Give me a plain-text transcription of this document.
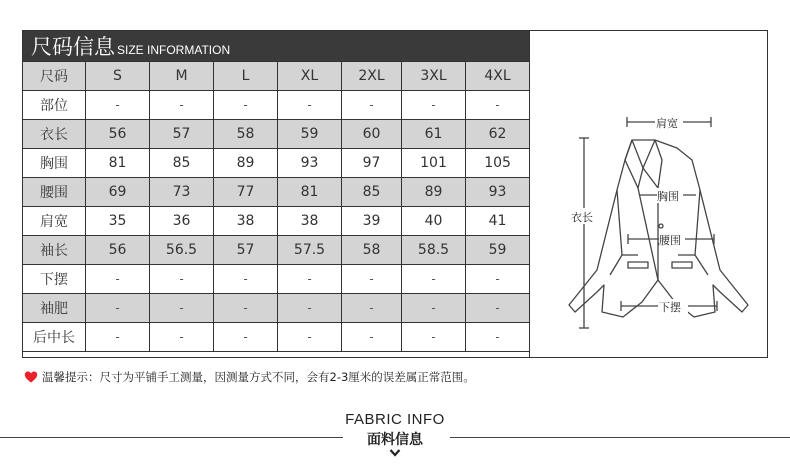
尺码信息 SIZE INFORMATION							
尺码	S	M	L	XL	2XL	3XL	4XL
部位	-	-	-	-	-	-	-
衣长	56	57	58	59	60	61	62
胸围	81	85	89	93	97	101	105
腰围	69	73	77	81	85	89	93
肩宽	35	36	38	38	39	40	41
袖长	56	56.5	57	57.5	58	58.5	59
下摆	-	-	-	-	-	-	-
袖肥	-	-	-	-	-	-	-
后中长	-	-	-	-	-	-	-
肩宽
胸围
腰围
衣长
下摆
温馨提示：尺寸为平铺手工测量，因测量方式不同，会有2-3厘米的误差属正常范围。
FABRIC INFO
面料信息
